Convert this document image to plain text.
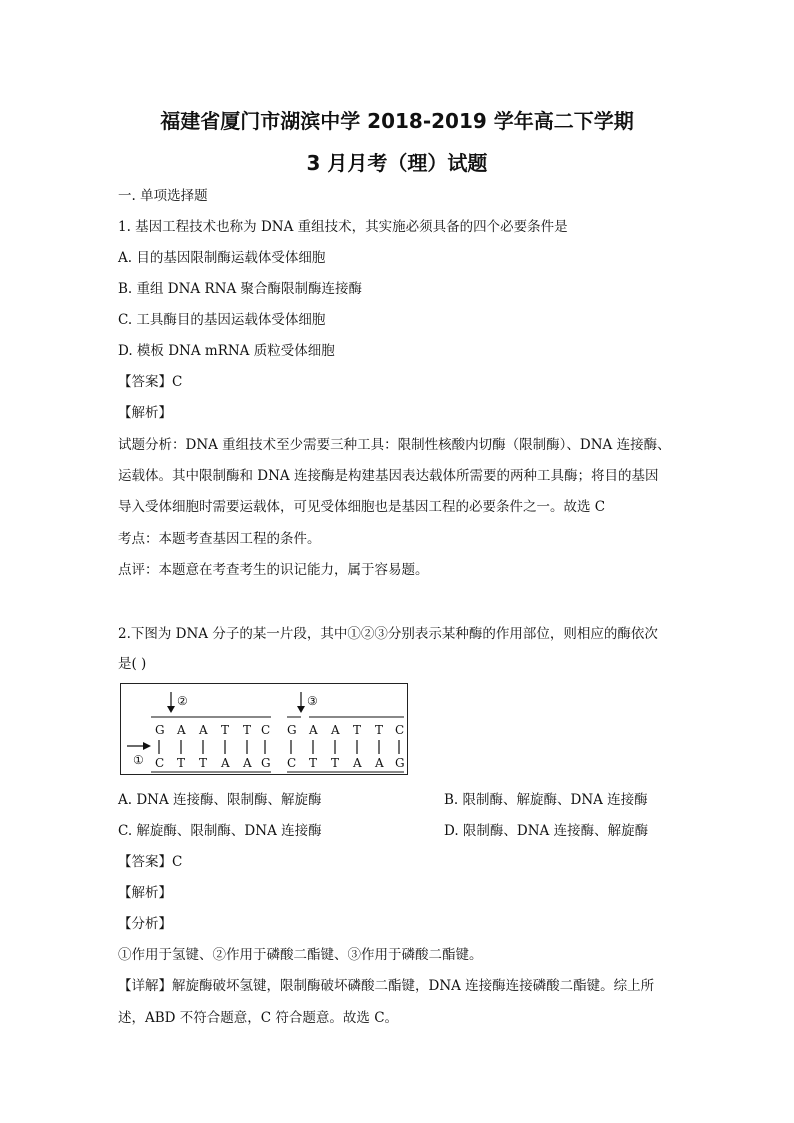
福建省厦门市湖滨中学 2018-2019 学年高二下学期
3 月月考（理）试题
一. 单项选择题
1. 基因工程技术也称为 DNA 重组技术，其实施必须具备的四个必要条件是
A. 目的基因限制酶运载体受体细胞
B. 重组 DNA RNA 聚合酶限制酶连接酶
C. 工具酶目的基因运载体受体细胞
D. 模板 DNA mRNA 质粒受体细胞
【答案】C
【解析】
试题分析：DNA 重组技术至少需要三种工具：限制性核酸内切酶（限制酶）、DNA 连接酶、
运载体。其中限制酶和 DNA 连接酶是构建基因表达载体所需要的两种工具酶；将目的基因
导入受体细胞时需要运载体，可见受体细胞也是基因工程的必要条件之一。故选 C
考点：本题考查基因工程的条件。
点评：本题意在考查考生的识记能力，属于容易题。
2.下图为 DNA 分子的某一片段，其中①②③分别表示某种酶的作用部位，则相应的酶依次
是( )
②	③
①
G
C
A
T
A
T
T
A
T
A
C
G
G
C
A
T
A
T
T
A
T
A
C
G
A. DNA 连接酶、限制酶、解旋酶	B. 限制酶、解旋酶、DNA 连接酶
C. 解旋酶、限制酶、DNA 连接酶	D. 限制酶、DNA 连接酶、解旋酶
【答案】C
【解析】
【分析】
①作用于氢键、②作用于磷酸二酯键、③作用于磷酸二酯键。
【详解】解旋酶破坏氢键，限制酶破坏磷酸二酯键，DNA 连接酶连接磷酸二酯键。综上所
述，ABD 不符合题意，C 符合题意。故选 C。
